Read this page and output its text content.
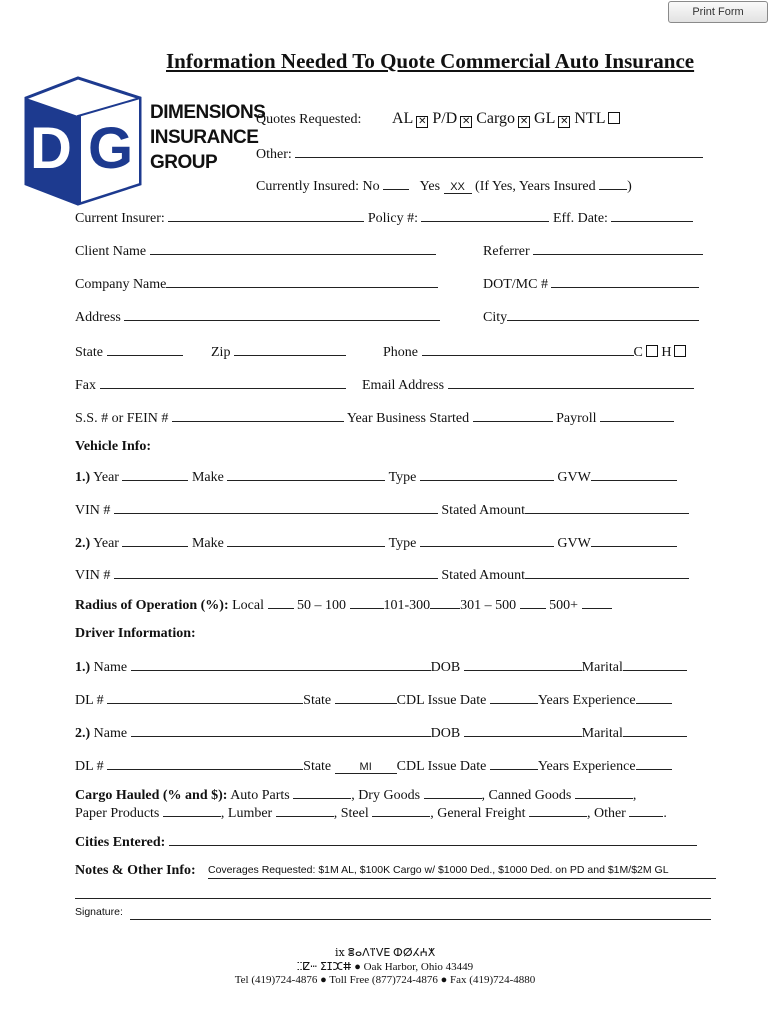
Print Form
Information Needed To Quote Commercial Auto Insurance
D G
DIMENSIONS
INSURANCE
GROUP
Quotes Requested: AL ✕ P/D ✕ Cargo ✕ GL ✕ NTL
Other:
Currently Insured: No	Yes XX (If Yes, Years Insured )
Current Insurer:	Policy #:	Eff. Date:
Client Name	Referrer
Company Name	DOT/MC #
Address	City
State	Zip	Phone	C H
Fax	Email Address
S.S. # or FEIN #	Year Business Started	Payroll
Vehicle Info:
1.) Year	Make	Type	GVW
VIN #	Stated Amount
2.) Year	Make	Type	GVW
VIN #	Stated Amount
Radius of Operation (%): Local 50 – 100	101-300 301 – 500 500+
Driver Information:
1.) Name	DOB	Marital
DL #	State	CDL Issue Date	Years Experience
2.) Name	DOB	Marital
DL #	State	MI CDL Issue Date	Years Experience
Cargo Hauled (% and $): Auto Parts	, Dry Goods	, Canned Goods	,
Paper Products	, Lumber	, Steel	, General Freight	, Other	.
Cities Entered:
Notes & Other Info: Coverages Requested: $1M AL, $100K Cargo w/ $1000 Ded., $1000 Ded. on PD and $1M/$2M GL
Signature:
ⅸ ⴻⴰⴷⴶⴸⴹ ⵀⵁⵃⵄⵅ
ⵆⵇⵈ ⵉⵊⵋⵌ ● Oak Harbor, Ohio 43449
Tel (419)724-4876 ● Toll Free (877)724-4876 ● Fax (419)724-4880
